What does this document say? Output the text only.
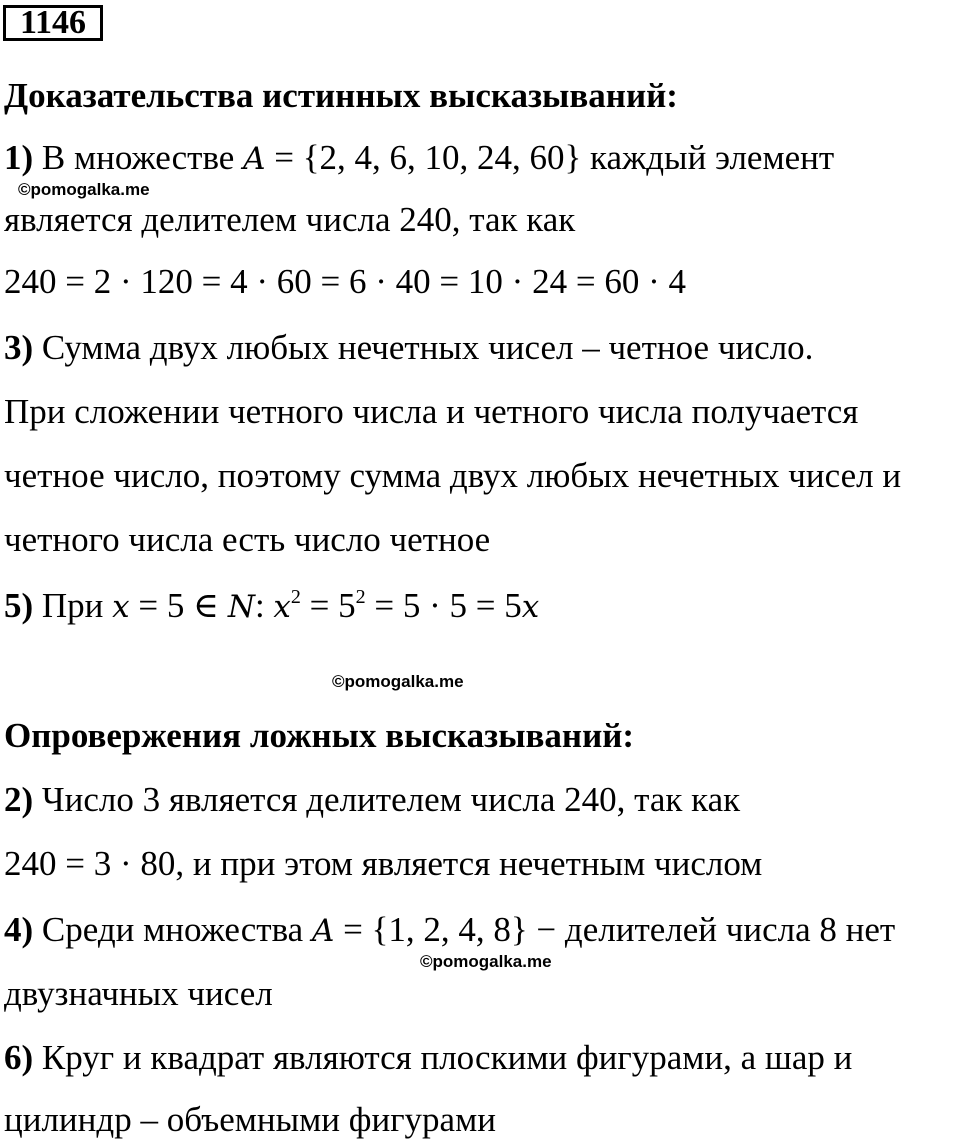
1146
Доказательства истинных высказываний:
1) В множестве A = {2, 4, 6, 10, 24, 60} каждый элемент
©pomogalka.me
является делителем числа 240, так как
240 = 2 · 120 = 4 · 60 = 6 · 40 = 10 · 24 = 60 · 4
3) Сумма двух любых нечетных чисел – четное число.
При сложении четного числа и четного числа получается
четное число, поэтому сумма двух любых нечетных чисел и
четного числа есть число четное
5) При x = 5 ∈ N: $x^2 = 5^2 = 5 \cdot 5 = 5x$
©pomogalka.me
Опровержения ложных высказываний:
2) Число 3 является делителем числа 240, так как
240 = 3 · 80, и при этом является нечетным числом
4) Среди множества A = {1, 2, 4, 8} − делителей числа 8 нет
©pomogalka.me
двузначных чисел
6) Круг и квадрат являются плоскими фигурами, а шар и
цилиндр – объемными фигурами
